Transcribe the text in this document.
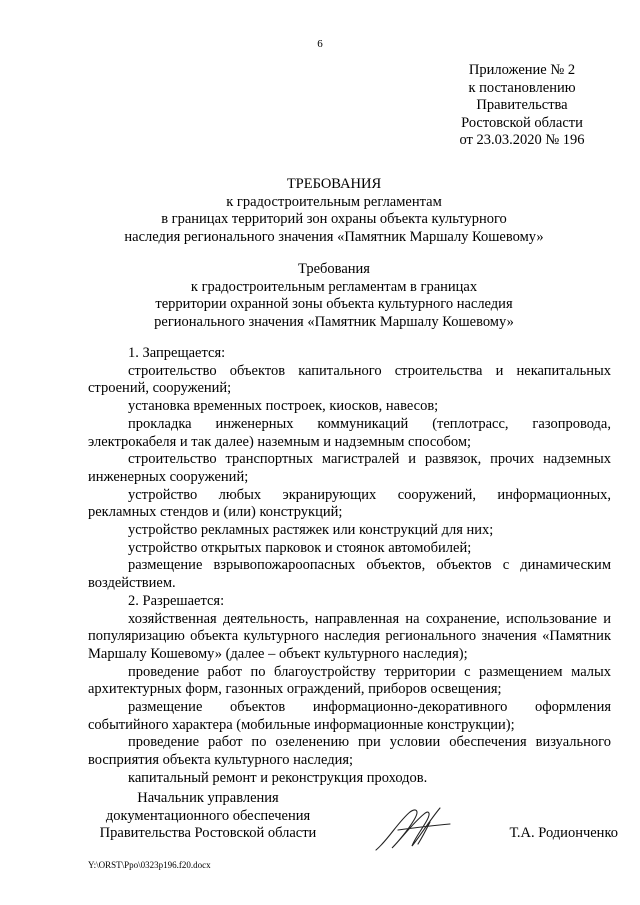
6
Приложение № 2
к постановлению
Правительства
Ростовской области
от 23.03.2020 № 196
ТРЕБОВАНИЯ
к градостроительным регламентам
в границах территорий зон охраны объекта культурного
наследия регионального значения «Памятник Маршалу Кошевому»
Требования
к градостроительным регламентам в границах
территории охранной зоны объекта культурного наследия
регионального значения «Памятник Маршалу Кошевому»

1. Запрещается:

строительство объектов капитального строительства и некапитальных строений, сооружений;

установка временных построек, киосков, навесов;

прокладка инженерных коммуникаций (теплотрасс, газопровода, электрокабеля и так далее) наземным и надземным способом;

строительство транспортных магистралей и развязок, прочих надземных инженерных сооружений;

устройство любых экранирующих сооружений, информационных, рекламных стендов и (или) конструкций;

устройство рекламных растяжек или конструкций для них;

устройство открытых парковок и стоянок автомобилей;

размещение взрывопожароопасных объектов, объектов с динамическим воздействием.

2. Разрешается:

хозяйственная деятельность, направленная на сохранение, использование и популяризацию объекта культурного наследия регионального значения «Памятник Маршалу Кошевому» (далее – объект культурного наследия);

проведение работ по благоустройству территории с размещением малых архитектурных форм, газонных ограждений, приборов освещения;

размещение объектов информационно-декоративного оформления событийного характера (мобильные информационные конструкции);

проведение работ по озеленению при условии обеспечения визуального восприятия объекта культурного наследия;

капитальный ремонт и реконструкция проходов.

Начальник управления
документационного обеспечения
Правительства Ростовской области	Т.А. Родионченко
Y:\ORST\Ppo\0323p196.f20.docx
